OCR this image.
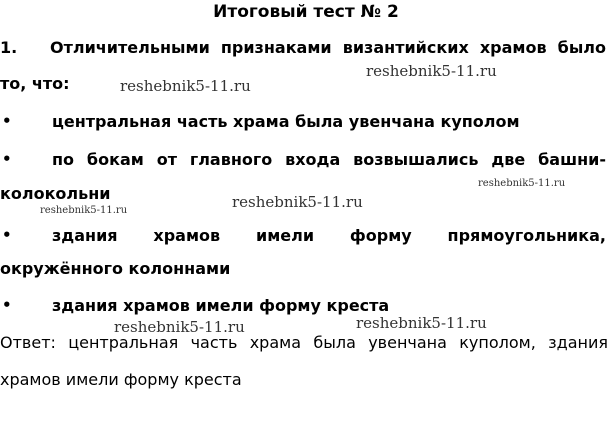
Итоговый тест № 2
1. Отличительными признаками византийских храмов было
то, что:
•	центральная часть храма была увенчана куполом
•	по бокам от главного входа возвышались две башни-
колокольни
•	здания храмов имели форму прямоугольника,
окружённого колоннами
•	здания храмов имели форму креста
Ответ: центральная часть храма была увенчана куполом, здания
храмов имели форму креста
reshebnik5-11.ru
reshebnik5-11.ru
reshebnik5-11.ru
reshebnik5-11.ru	reshebnik5-11.ru
reshebnik5-11.ru	reshebnik5-11.ru
